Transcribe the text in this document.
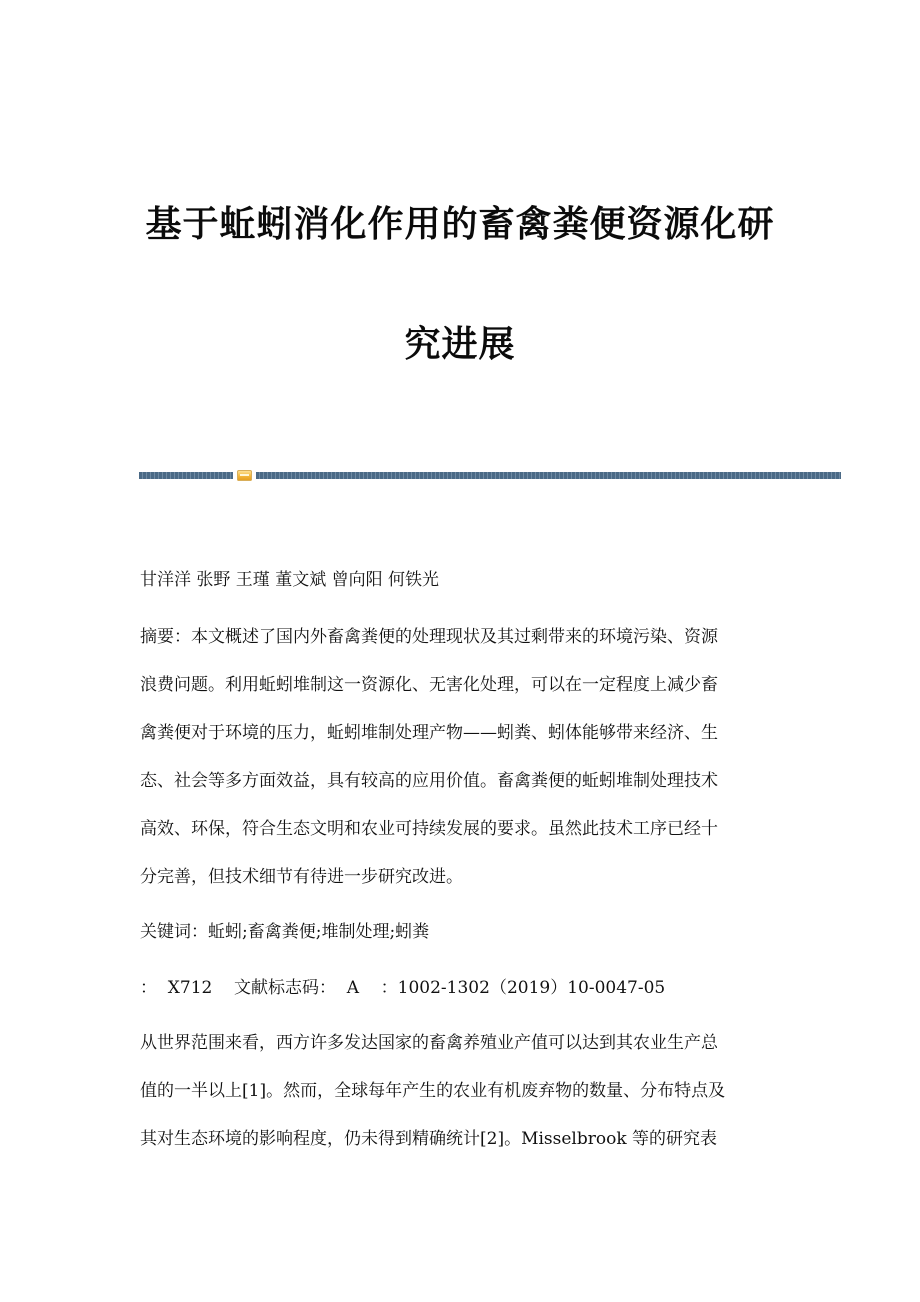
基于蚯蚓消化作用的畜禽粪便资源化研
究进展
甘洋洋 张野 王瑾 董文斌 曾向阳 何铁光
摘要：本文概述了国内外畜禽粪便的处理现状及其过剩带来的环境污染、资源
浪费问题。利用蚯蚓堆制这一资源化、无害化处理，可以在一定程度上减少畜
禽粪便对于环境的压力，蚯蚓堆制处理产物——蚓粪、蚓体能够带来经济、生
态、社会等多方面效益，具有较高的应用价值。畜禽粪便的蚯蚓堆制处理技术
高效、环保，符合生态文明和农业可持续发展的要求。虽然此技术工序已经十
分完善，但技术细节有待进一步研究改进。
关键词：蚯蚓;畜禽粪便;堆制处理;蚓粪
：  X712    文献标志码：  A    ：1002-1302（2019）10-0047-05
从世界范围来看，西方许多发达国家的畜禽养殖业产值可以达到其农业生产总
值的一半以上[1]。然而，全球每年产生的农业有机废弃物的数量、分布特点及
其对生态环境的影响程度，仍未得到精确统计[2]。Misselbrook 等的研究表
